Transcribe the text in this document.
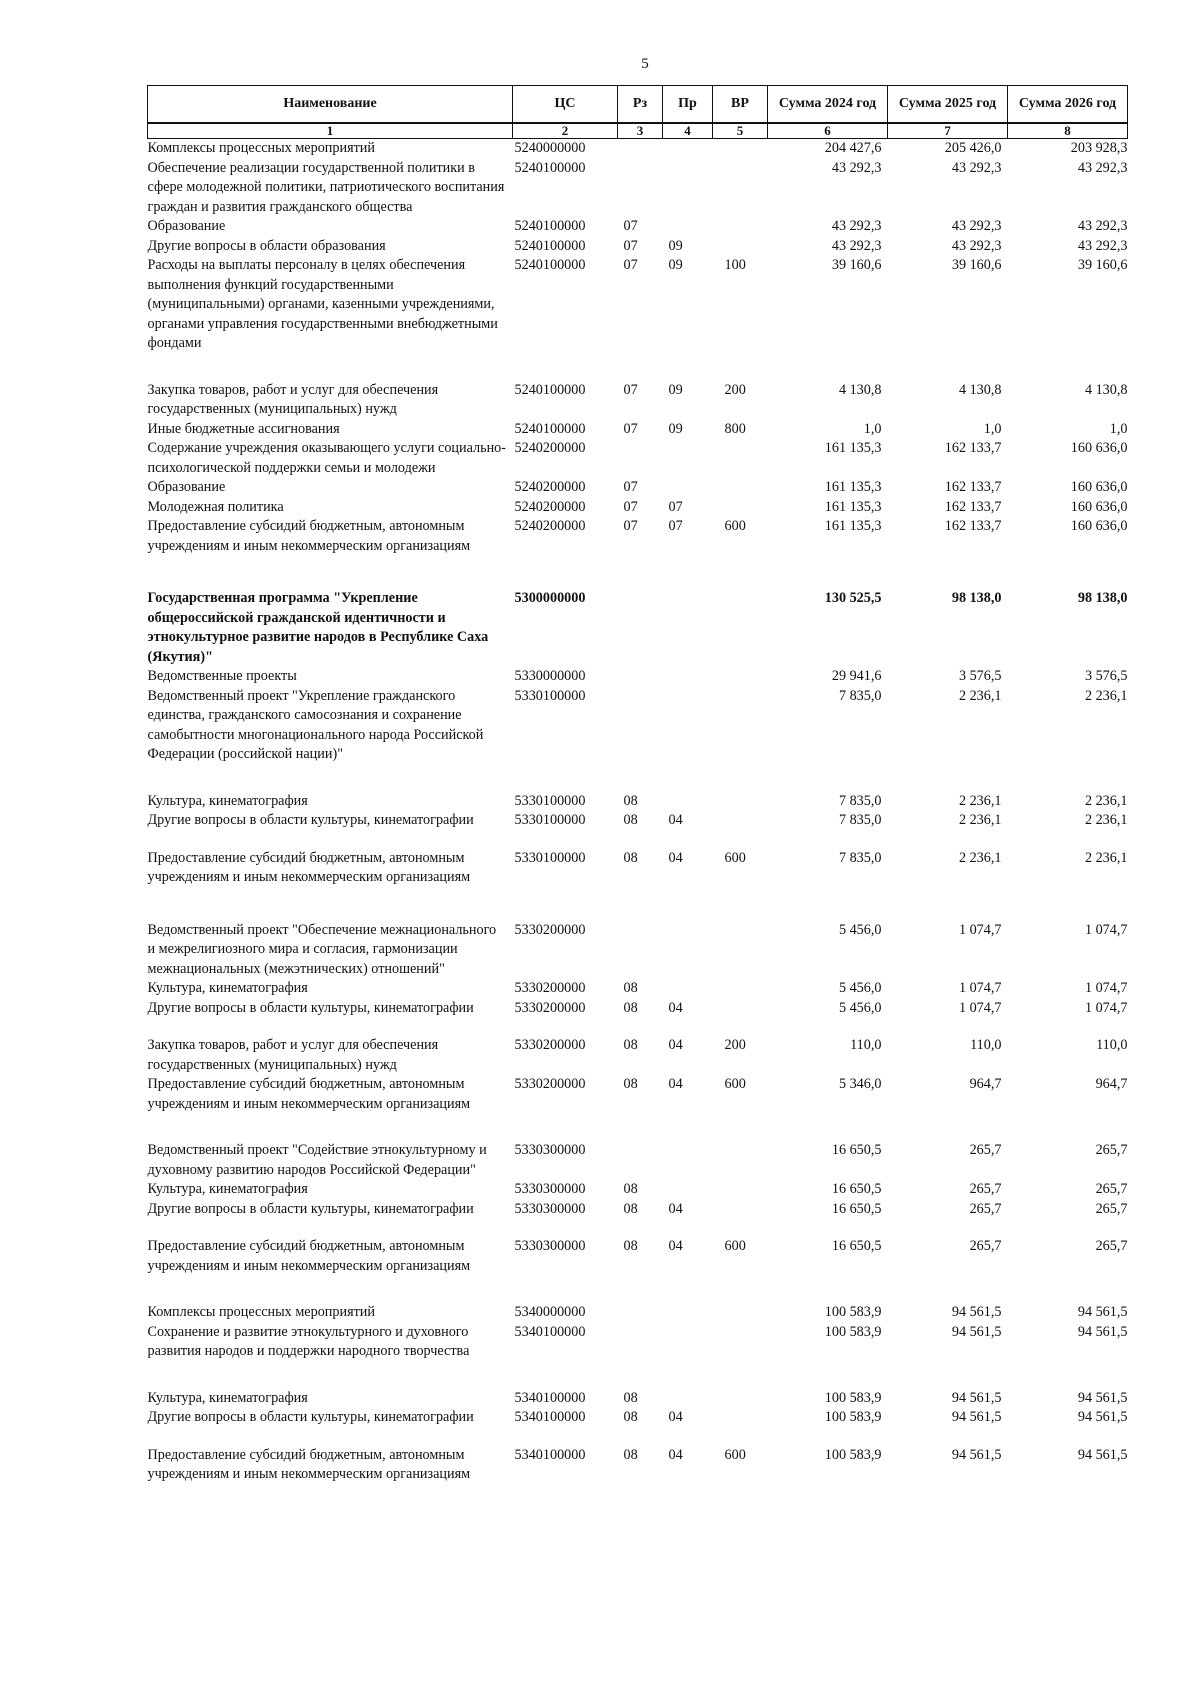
5
Наименование	ЦС	Рз	Пр	ВР	Сумма 2024 год	Сумма 2025 год	Сумма 2026 год
1	2	3	4	5	6	7	8
Комплексы процессных мероприятий	5240000000				204 427,6	205 426,0	203 928,3
Обеспечение реализации государственной политики в сфере молодежной политики, патриотического воспитания граждан и развития гражданского общества	5240100000				43 292,3	43 292,3	43 292,3
Образование	5240100000	07			43 292,3	43 292,3	43 292,3
Другие вопросы в области образования	5240100000	07	09		43 292,3	43 292,3	43 292,3
Расходы на выплаты персоналу в целях обеспечения выполнения функций государственными (муниципальными) органами, казенными учреждениями, органами управления государственными внебюджетными фондами	5240100000	07	09	100	39 160,6	39 160,6	39 160,6
Закупка товаров, работ и услуг для обеспечения государственных (муниципальных) нужд	5240100000	07	09	200	4 130,8	4 130,8	4 130,8
Иные бюджетные ассигнования	5240100000	07	09	800	1,0	1,0	1,0
Содержание учреждения оказывающего услуги социально-психологической поддержки семьи и молодежи	5240200000				161 135,3	162 133,7	160 636,0
Образование	5240200000	07			161 135,3	162 133,7	160 636,0
Молодежная политика	5240200000	07	07		161 135,3	162 133,7	160 636,0
Предоставление субсидий бюджетным, автономным учреждениям и иным некоммерческим организациям	5240200000	07	07	600	161 135,3	162 133,7	160 636,0
Государственная программа "Укрепление общероссийской гражданской идентичности и этнокультурное развитие народов в Республике Саха (Якутия)"	5300000000				130 525,5	98 138,0	98 138,0
Ведомственные проекты	5330000000				29 941,6	3 576,5	3 576,5
Ведомственный проект "Укрепление гражданского единства, гражданского самосознания и сохранение самобытности многонационального народа Российской Федерации (российской нации)"	5330100000				7 835,0	2 236,1	2 236,1
Культура, кинематография	5330100000	08			7 835,0	2 236,1	2 236,1
Другие вопросы в области культуры, кинематографии	5330100000	08	04		7 835,0	2 236,1	2 236,1
Предоставление субсидий бюджетным, автономным учреждениям и иным некоммерческим организациям	5330100000	08	04	600	7 835,0	2 236,1	2 236,1
Ведомственный проект "Обеспечение межнационального и межрелигиозного мира и согласия, гармонизации межнациональных (межэтнических) отношений"	5330200000				5 456,0	1 074,7	1 074,7
Культура, кинематография	5330200000	08			5 456,0	1 074,7	1 074,7
Другие вопросы в области культуры, кинематографии	5330200000	08	04		5 456,0	1 074,7	1 074,7
Закупка товаров, работ и услуг для обеспечения государственных (муниципальных) нужд	5330200000	08	04	200	110,0	110,0	110,0
Предоставление субсидий бюджетным, автономным учреждениям и иным некоммерческим организациям	5330200000	08	04	600	5 346,0	964,7	964,7
Ведомственный проект "Содействие этнокультурному и духовному развитию народов Российской Федерации"	5330300000				16 650,5	265,7	265,7
Культура, кинематография	5330300000	08			16 650,5	265,7	265,7
Другие вопросы в области культуры, кинематографии	5330300000	08	04		16 650,5	265,7	265,7
Предоставление субсидий бюджетным, автономным учреждениям и иным некоммерческим организациям	5330300000	08	04	600	16 650,5	265,7	265,7
Комплексы процессных мероприятий	5340000000				100 583,9	94 561,5	94 561,5
Сохранение и развитие этнокультурного и духовного развития народов и поддержки народного творчества	5340100000				100 583,9	94 561,5	94 561,5
Культура, кинематография	5340100000	08			100 583,9	94 561,5	94 561,5
Другие вопросы в области культуры, кинематографии	5340100000	08	04		100 583,9	94 561,5	94 561,5
Предоставление субсидий бюджетным, автономным учреждениям и иным некоммерческим организациям	5340100000	08	04	600	100 583,9	94 561,5	94 561,5
